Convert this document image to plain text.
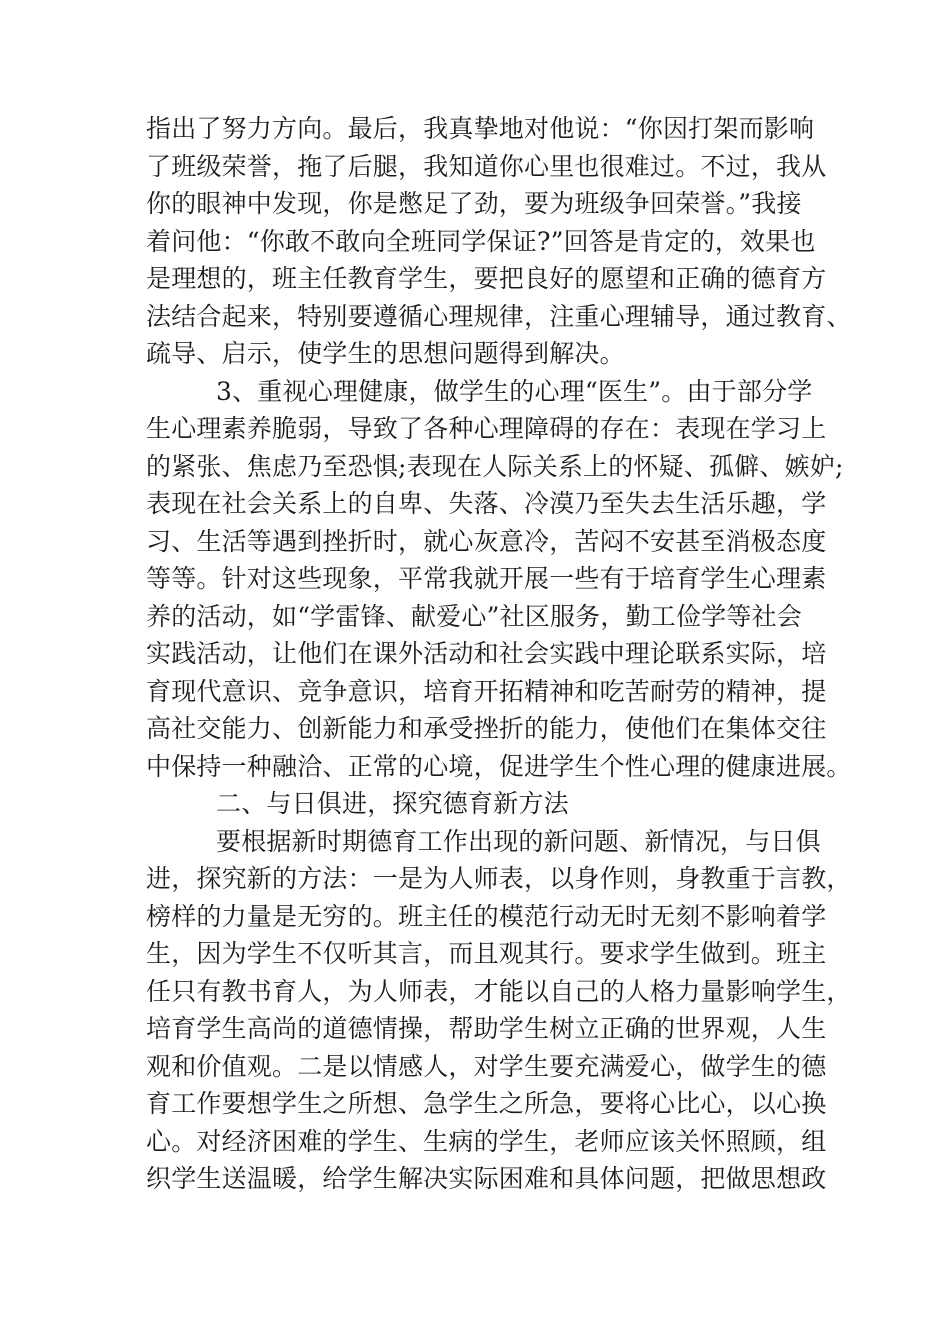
指出了努力方向。最后，我真挚地对他说：“你因打架而影响
了班级荣誉，拖了后腿，我知道你心里也很难过。不过，我从
你的眼神中发现，你是憋足了劲，要为班级争回荣誉。”我接
着问他：“你敢不敢向全班同学保证?”回答是肯定的，效果也
是理想的，班主任教育学生，要把良好的愿望和正确的德育方
法结合起来，特别要遵循心理规律，注重心理辅导，通过教育、
疏导、启示，使学生的思想问题得到解决。
3、重视心理健康，做学生的心理“医生”。由于部分学
生心理素养脆弱，导致了各种心理障碍的存在：表现在学习上
的紧张、焦虑乃至恐惧;表现在人际关系上的怀疑、孤僻、嫉妒;
表现在社会关系上的自卑、失落、冷漠乃至失去生活乐趣，学
习、生活等遇到挫折时，就心灰意冷，苦闷不安甚至消极态度
等等。针对这些现象，平常我就开展一些有于培育学生心理素
养的活动，如“学雷锋、献爱心”社区服务，勤工俭学等社会
实践活动，让他们在课外活动和社会实践中理论联系实际，培
育现代意识、竞争意识，培育开拓精神和吃苦耐劳的精神，提
高社交能力、创新能力和承受挫折的能力，使他们在集体交往
中保持一种融洽、正常的心境，促进学生个性心理的健康进展。
二、与日俱进，探究德育新方法
要根据新时期德育工作出现的新问题、新情况，与日俱
进，探究新的方法：一是为人师表，以身作则，身教重于言教，
榜样的力量是无穷的。班主任的模范行动无时无刻不影响着学
生，因为学生不仅听其言，而且观其行。要求学生做到。班主
任只有教书育人，为人师表，才能以自己的人格力量影响学生，
培育学生高尚的道德情操，帮助学生树立正确的世界观，人生
观和价值观。二是以情感人，对学生要充满爱心，做学生的德
育工作要想学生之所想、急学生之所急，要将心比心，以心换
心。对经济困难的学生、生病的学生，老师应该关怀照顾，组
织学生送温暖，给学生解决实际困难和具体问题，把做思想政
